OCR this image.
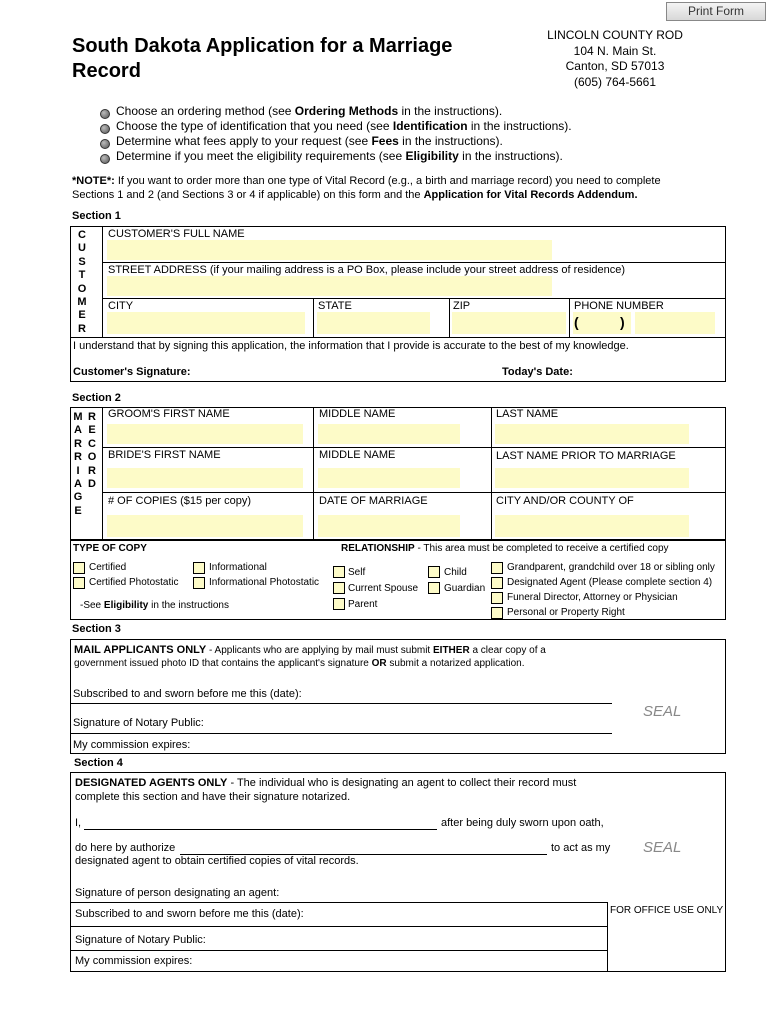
Print Form
South Dakota Application for a Marriage Record
LINCOLN COUNTY ROD
104 N. Main St.
Canton, SD 57013
(605) 764-5661
Choose an ordering method (see Ordering Methods in the instructions).
Choose the type of identification that you need (see Identification in the instructions).
Determine what fees apply to your request (see Fees in the instructions).
Determine if you meet the eligibility requirements (see Eligibility in the instructions).
*NOTE*: If you want to order more than one type of Vital Record (e.g., a birth and marriage record) you need to complete
Sections 1 and 2 (and Sections 3 or 4 if applicable) on this form and the Application for Vital Records Addendum.
Section 1
C
U
S
T
O
M
E
R
CUSTOMER'S FULL NAME
STREET ADDRESS (if your mailing address is a PO Box, please include your street address of residence)
CITY	STATE	ZIP	PHONE NUMBER
(	)
I understand that by signing this application, the information that I provide is accurate to the best of my knowledge.
Customer's Signature:	Today's Date:
Section 2
M
A
R
R
I
A
G
E
R
E
C
O
R
D
GROOM'S FIRST NAME	MIDDLE NAME	LAST NAME
BRIDE'S FIRST NAME	MIDDLE NAME	LAST NAME PRIOR TO MARRIAGE
# OF COPIES ($15 per copy)	DATE OF MARRIAGE	CITY AND/OR COUNTY OF
TYPE OF COPY	RELATIONSHIP - This area must be completed to receive a certified copy
Certified	Informational
Certified Photostatic	Informational Photostatic
-See Eligibility in the instructions
Self	Child
Current Spouse	Guardian
Parent
Grandparent, grandchild over 18 or sibling only
Designated Agent (Please complete section 4)
Funeral Director, Attorney or Physician
Personal or Property Right
Section 3
MAIL APPLICANTS ONLY - Applicants who are applying by mail must submit EITHER a clear copy of a
government issued photo ID that contains the applicant's signature OR submit a notarized application.
Subscribed to and sworn before me this (date):
Signature of Notary Public:
My commission expires:
SEAL
Section 4
DESIGNATED AGENTS ONLY - The individual who is designating an agent to collect their record must
complete this section and have their signature notarized.
I,	after being duly sworn upon oath,
do here by authorize	to act as my
designated agent to obtain certified copies of vital records.
SEAL
Signature of person designating an agent:
FOR OFFICE USE ONLY
Subscribed to and sworn before me this (date):
Signature of Notary Public:
My commission expires:
